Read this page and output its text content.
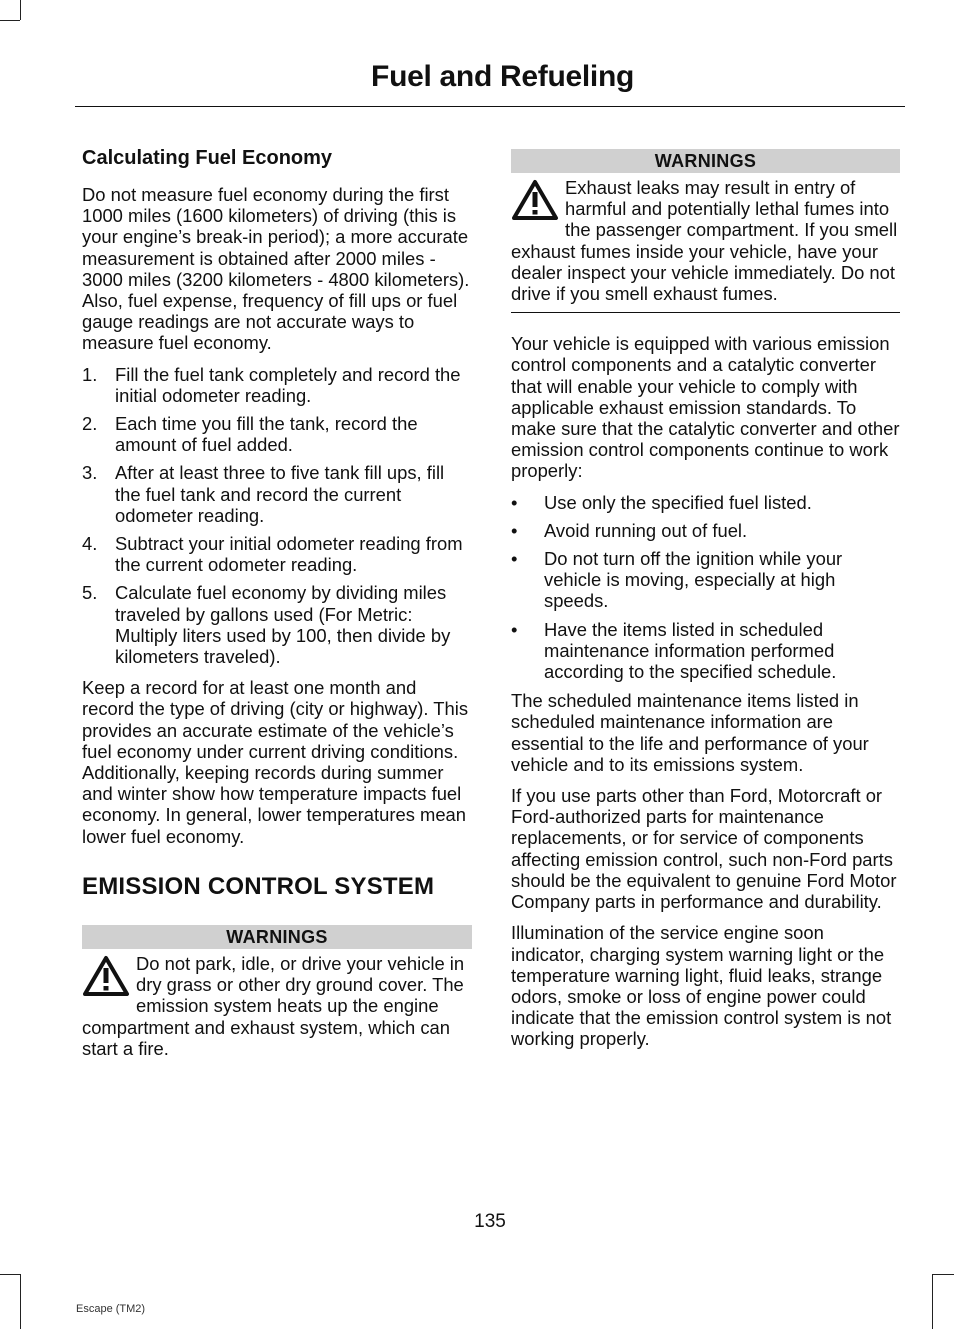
Fuel and Refueling
Calculating Fuel Economy

Do not measure fuel economy during the first 1000 miles (1600 kilometers) of driving (this is your engine’s break-in period); a more accurate measurement is obtained after 2000 miles - 3000 miles (3200 kilometers - 4800 kilometers). Also, fuel expense, frequency of fill ups or fuel gauge readings are not accurate ways to measure fuel economy.

1. Fill the fuel tank completely and record the initial odometer reading.
2. Each time you fill the tank, record the amount of fuel added.
3. After at least three to five tank fill ups, fill the fuel tank and record the current odometer reading.
4. Subtract your initial odometer reading from the current odometer reading.
5. Calculate fuel economy by dividing miles traveled by gallons used (For Metric: Multiply liters used by 100, then divide by kilometers traveled).

Keep a record for at least one month and record the type of driving (city or highway). This provides an accurate estimate of the vehicle’s fuel economy under current driving conditions. Additionally, keeping records during summer and winter show how temperature impacts fuel economy. In general, lower temperatures mean lower fuel economy.

EMISSION CONTROL SYSTEM
WARNINGS

Do not park, idle, or drive your vehicle in dry grass or other dry ground cover. The emission system heats up the engine compartment and exhaust system, which can start a fire.

WARNINGS

Exhaust leaks may result in entry of harmful and potentially lethal fumes into the passenger compartment. If you smell exhaust fumes inside your vehicle, have your dealer inspect your vehicle immediately. Do not drive if you smell exhaust fumes.

Your vehicle is equipped with various emission control components and a catalytic converter that will enable your vehicle to comply with applicable exhaust emission standards. To make sure that the catalytic converter and other emission control components continue to work properly:

• Use only the specified fuel listed.
• Avoid running out of fuel.
• Do not turn off the ignition while your vehicle is moving, especially at high speeds.
• Have the items listed in scheduled maintenance information performed according to the specified schedule.

The scheduled maintenance items listed in scheduled maintenance information are essential to the life and performance of your vehicle and to its emissions system.

If you use parts other than Ford, Motorcraft or Ford-authorized parts for maintenance replacements, or for service of components affecting emission control, such non-Ford parts should be the equivalent to genuine Ford Motor Company parts in performance and durability.

Illumination of the service engine soon indicator, charging system warning light or the temperature warning light, fluid leaks, strange odors, smoke or loss of engine power could indicate that the emission control system is not working properly.

135
Escape (TM2)
